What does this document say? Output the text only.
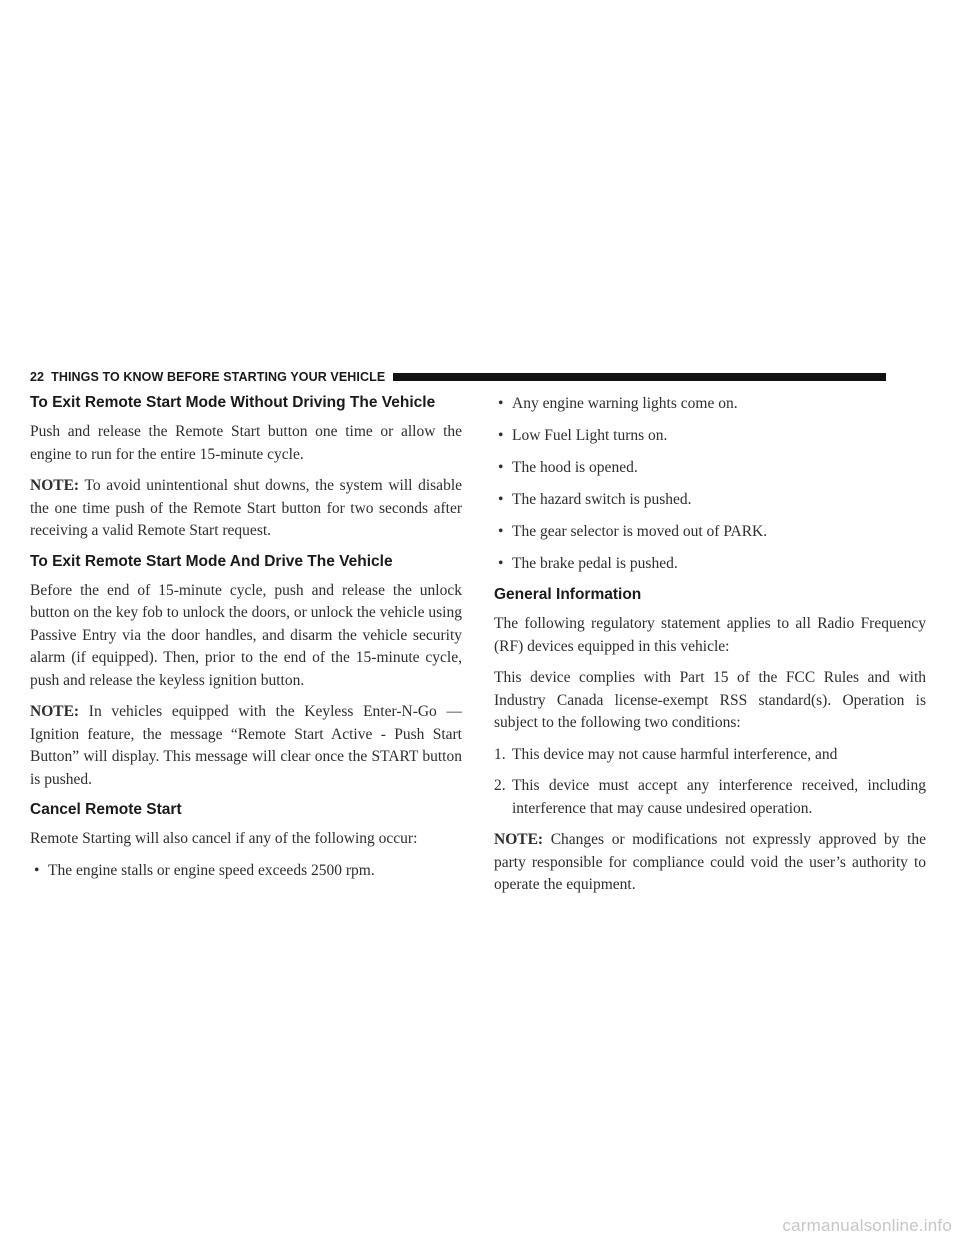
22 THINGS TO KNOW BEFORE STARTING YOUR VEHICLE
To Exit Remote Start Mode Without Driving The Vehicle

Push and release the Remote Start button one time or allow the engine to run for the entire 15-minute cycle.

NOTE: To avoid unintentional shut downs, the system will disable the one time push of the Remote Start button for two seconds after receiving a valid Remote Start request.

To Exit Remote Start Mode And Drive The Vehicle

Before the end of 15-minute cycle, push and release the unlock button on the key fob to unlock the doors, or unlock the vehicle using Passive Entry via the door handles, and disarm the vehicle security alarm (if equipped). Then, prior to the end of the 15-minute cycle, push and release the keyless ignition button.

NOTE: In vehicles equipped with the Keyless Enter-N-Go — Ignition feature, the message “Remote Start Active - Push Start Button” will display. This message will clear once the START button is pushed.

Cancel Remote Start

Remote Starting will also cancel if any of the following occur:

• The engine stalls or engine speed exceeds 2500 rpm.
• Any engine warning lights come on.
• Low Fuel Light turns on.
• The hood is opened.
• The hazard switch is pushed.
• The gear selector is moved out of PARK.
• The brake pedal is pushed.
General Information

The following regulatory statement applies to all Radio Frequency (RF) devices equipped in this vehicle:

This device complies with Part 15 of the FCC Rules and with Industry Canada license-exempt RSS standard(s). Operation is subject to the following two conditions:

1. This device may not cause harmful interference, and
2. This device must accept any interference received, including interference that may cause undesired operation.

NOTE: Changes or modifications not expressly approved by the party responsible for compliance could void the user’s authority to operate the equipment.

carmanualsonline.info
